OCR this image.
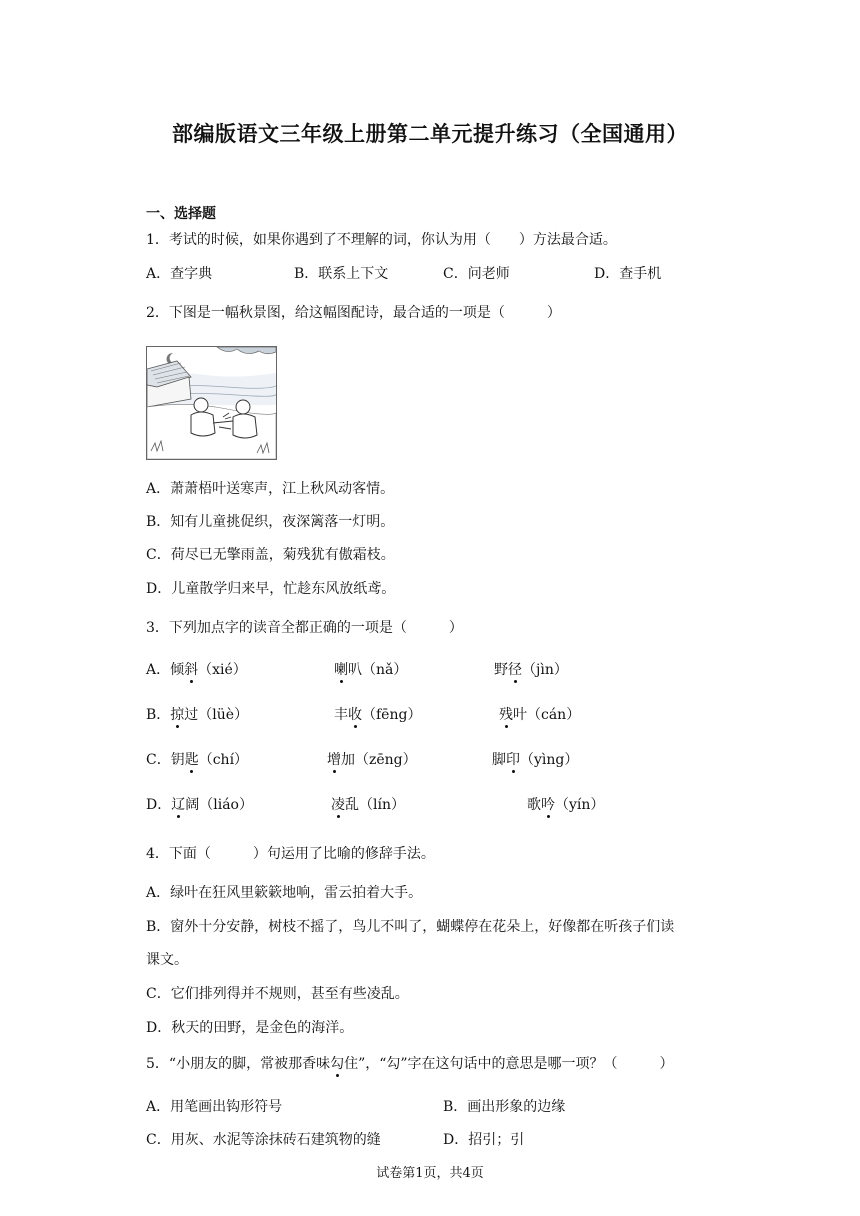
部编版语文三年级上册第二单元提升练习（全国通用）
一、选择题
1．考试的时候，如果你遇到了不理解的词，你认为用（　　）方法最合适。
A．查字典	B．联系上下文	C．问老师	D．查手机
2．下图是一幅秋景图，给这幅图配诗，最合适的一项是（　　　）
A．萧萧梧叶送寒声，江上秋风动客情。
B．知有儿童挑促织，夜深篱落一灯明。
C．荷尽已无擎雨盖，菊残犹有傲霜枝。
D．儿童散学归来早，忙趁东风放纸鸢。
3．下列加点字的读音全都正确的一项是（　　　）
A．倾斜（xié）	喇叭（nǎ）	野径（jìn）
B．掠过（lüè）	丰收（fēng）	残叶（cán）
C．钥匙（chí）	增加（zēng）	脚印（yìng）
D．辽阔（liáo）	凌乱（lín）	歌吟（yín）
4．下面（　　　）句运用了比喻的修辞手法。
A．绿叶在狂风里簌簌地响，雷云拍着大手。
B．窗外十分安静，树枝不摇了，鸟儿不叫了，蝴蝶停在花朵上，好像都在听孩子们读
课文。
C．它们排列得并不规则，甚至有些凌乱。
D．秋天的田野，是金色的海洋。
5．“小朋友的脚，常被那香味勾住”，“勾”字在这句话中的意思是哪一项？（　　　）
A．用笔画出钩形符号	B．画出形象的边缘
C．用灰、水泥等涂抹砖石建筑物的缝	D．招引；引
试卷第1页，共4页
